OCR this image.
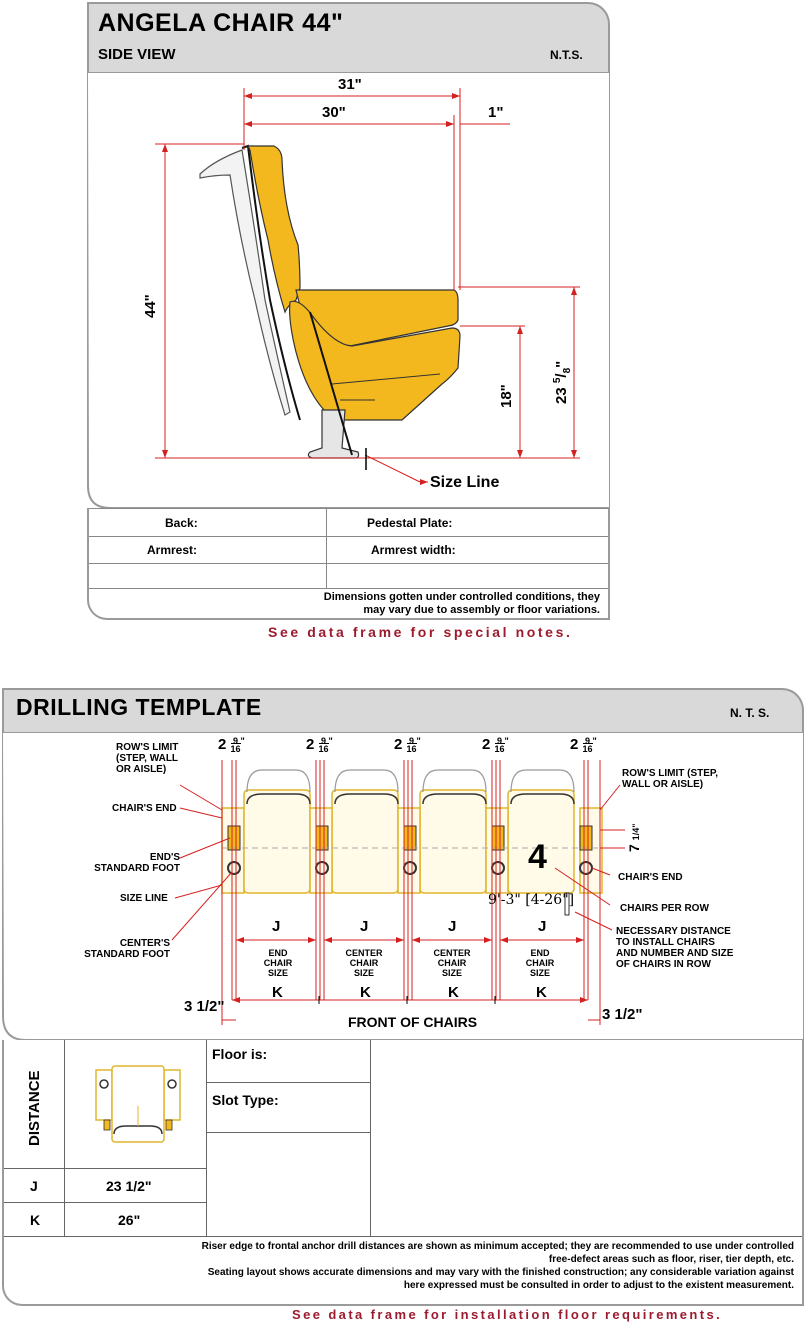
ANGELA CHAIR 44"
SIDE VIEW	N.T.S.
31"
30"	1"
44"
18"	23 $^5/_8$"
Size Line
Back:	Pedestal Plate:
Armrest:	Armrest width:
Dimensions gotten under controlled conditions, they
may vary due to assembly or floor variations.
See data frame for special notes.
DRILLING TEMPLATE	N. T. S.
2 9
16"	2 9
16"	2 9
16"	2 9
16"	2 9
16"
7 1/4"
ROW'S LIMIT
(STEP, WALL
OR AISLE)
CHAIR'S END
END'S
STANDARD FOOT
SIZE LINE
CENTER'S
STANDARD FOOT
ROW'S LIMIT (STEP,
WALL OR AISLE)
CHAIR'S END
CHAIRS PER ROW
NECESSARY DISTANCE
TO INSTALL CHAIRS
AND NUMBER AND SIZE
OF CHAIRS IN ROW
4
9'-3" [4-26"]
J	J	J	J
END
CHAIR
SIZE
CENTER
CHAIR
SIZE
CENTER
CHAIR
SIZE
END
CHAIR
SIZE
K	K	K	K
3 1/2"	3 1/2"
FRONT OF CHAIRS
DISTANCE
Floor is:
Slot Type:
J	23 1/2"
K	26"
Riser edge to frontal anchor drill distances are shown as minimum accepted; they are recommended to use under controlled
free-defect areas such as floor, riser, tier depth, etc.
Seating layout shows accurate dimensions and may vary with the finished construction; any considerable variation against
here expressed must be consulted in order to adjust to the existent measurement.
See data frame for installation floor requirements.
